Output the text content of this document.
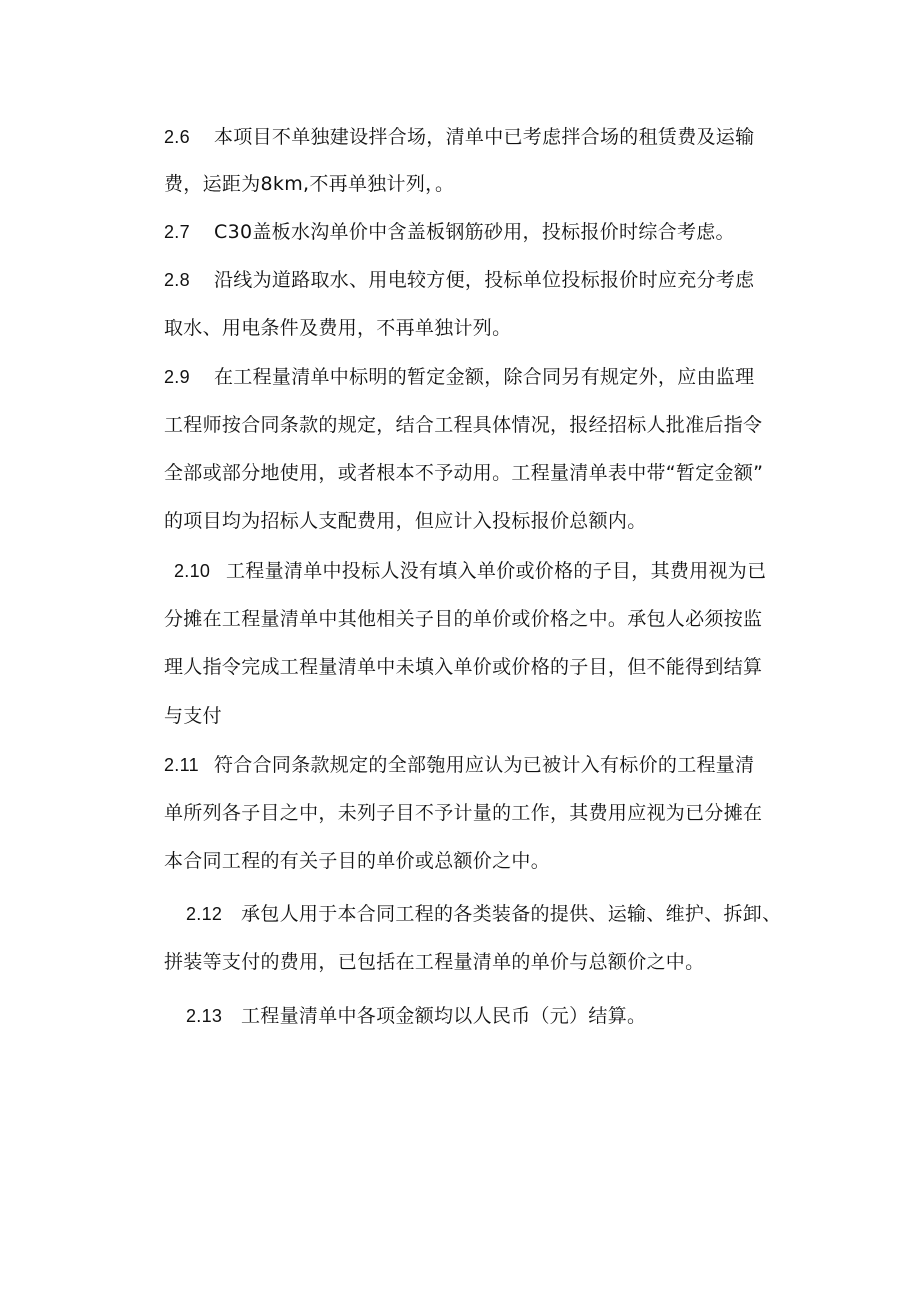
2.6 本项目不单独建设拌合场，清单中已考虑拌合场的租赁费及运输
费，运距为8km,不再单独计列，。
2.7 C30盖板水沟单价中含盖板钢筋砂用，投标报价时综合考虑。
2.8 沿线为道路取水、用电较方便，投标单位投标报价时应充分考虑
取水、用电条件及费用，不再单独计列。
2.9 在工程量清单中标明的暂定金额，除合同另有规定外，应由监理
工程师按合同条款的规定，结合工程具体情况，报经招标人批准后指令
全部或部分地使用，或者根本不予动用。工程量清单表中带“暂定金额”
的项目均为招标人支配费用，但应计入投标报价总额内。
2.10 工程量清单中投标人没有填入单价或价格的子目，其费用视为已
分摊在工程量清单中其他相关子目的单价或价格之中。承包人必须按监
理人指令完成工程量清单中未填入单价或价格的子目，但不能得到结算
与支付
2.11 符合合同条款规定的全部匏用应认为已被计入有标价的工程量清
单所列各子目之中，未列子目不予计量的工作，其费用应视为已分摊在
本合同工程的有关子目的单价或总额价之中。
2.12 承包人用于本合同工程的各类装备的提供、运输、维护、拆卸、
拼装等支付的费用，已包括在工程量清单的单价与总额价之中。
2.13 工程量清单中各项金额均以人民币（元）结算。
